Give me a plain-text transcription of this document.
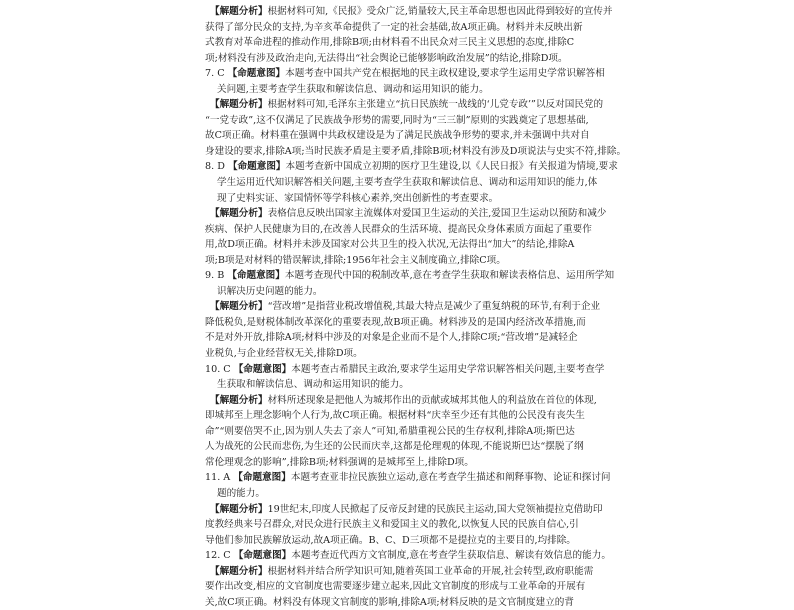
【解题分析】根据材料可知,《民报》受众广泛,销量较大,民主革命思想也因此得到较好的宣传并
获得了部分民众的支持,为辛亥革命提供了一定的社会基础,故A项正确。材料并未反映出新
式教育对革命进程的推动作用,排除B项;由材料看不出民众对三民主义思想的态度,排除C
项;材料没有涉及政治走向,无法得出“社会舆论已能够影响政治发展”的结论,排除D项。
7. C 【命题意图】本题考查中国共产党在根据地的民主政权建设,要求学生运用史学常识解答相
关问题,主要考查学生获取和解读信息、调动和运用知识的能力。
【解题分析】根据材料可知,毛泽东主张建立“抗日民族统一战线的‘儿党专政’”以反对国民党的
“一党专政”,这不仅满足了民族战争形势的需要,同时为“三三制”原则的实践奠定了思想基础,
故C项正确。材料重在强调中共政权建设是为了满足民族战争形势的要求,并未强调中共对自
身建设的要求,排除A项;当时民族矛盾是主要矛盾,排除B项;材料没有涉及D项说法与史实不符,排除。
8. D 【命题意图】本题考查新中国成立初期的医疗卫生建设,以《人民日报》有关报道为情境,要求
学生运用近代知识解答相关问题,主要考查学生获取和解读信息、调动和运用知识的能力,体
现了史料实证、家国情怀等学科核心素养,突出创新性的考查要求。
【解题分析】表格信息反映出国家主流媒体对爱国卫生运动的关注,爱国卫生运动以预防和减少
疾病、保护人民健康为目的,在改善人民群众的生活环境、提高民众身体素质方面起了重要作
用,故D项正确。材料并未涉及国家对公共卫生的投入状况,无法得出“加大”的结论,排除A
项;B项是对材料的错误解读,排除;1956年社会主义制度确立,排除C项。
9. B 【命题意图】本题考查现代中国的税制改革,意在考查学生获取和解读表格信息、运用所学知
识解决历史问题的能力。
【解题分析】“营改增”是指营业税改增值税,其最大特点是减少了重复纳税的环节,有利于企业
降低税负,是财税体制改革深化的重要表现,故B项正确。材料涉及的是国内经济改革措施,而
不是对外开放,排除A项;材料中涉及的对象是企业而不是个人,排除C项;“营改增”是减轻企
业税负,与企业经营权无关,排除D项。
10. C 【命题意图】本题考查古希腊民主政治,要求学生运用史学常识解答相关问题,主要考查学
生获取和解读信息、调动和运用知识的能力。
【解题分析】材料所述现象是把他人为城邦作出的贡献或城邦其他人的利益放在首位的体现,
即城邦至上理念影响个人行为,故C项正确。根据材料“庆幸至少还有其他的公民没有丧失生
命”“则要倍哭不止,因为别人失去了亲人”可知,希腊重视公民的生存权利,排除A项;斯巴达
人为战死的公民而悲伤,为生还的公民而庆幸,这都是伦理观的体现,不能说斯巴达“摆脱了纲
常伦理观念的影响”,排除B项;材料强调的是城邦至上,排除D项。
11. A 【命题意图】本题考查亚非拉民族独立运动,意在考查学生描述和阐释事物、论证和探讨问
题的能力。
【解题分析】19世纪末,印度人民掀起了反帝反封建的民族民主运动,国大党领袖提拉克借助印
度教经典来号召群众,对民众进行民族主义和爱国主义的教化,以恢复人民的民族自信心,引
导他们参加民族解放运动,故A项正确。B、C、D三项都不是提拉克的主要目的,均排除。
12. C 【命题意图】本题考查近代西方文官制度,意在考查学生获取信息、解读有效信息的能力。
【解题分析】根据材料并结合所学知识可知,随着英国工业革命的开展,社会转型,政府职能需
要作出改变,相应的文官制度也需要逐步建立起来,因此文官制度的形成与工业革命的开展有
关,故C项正确。材料没有体现文官制度的影响,排除A项;材料反映的是文官制度建立的背
